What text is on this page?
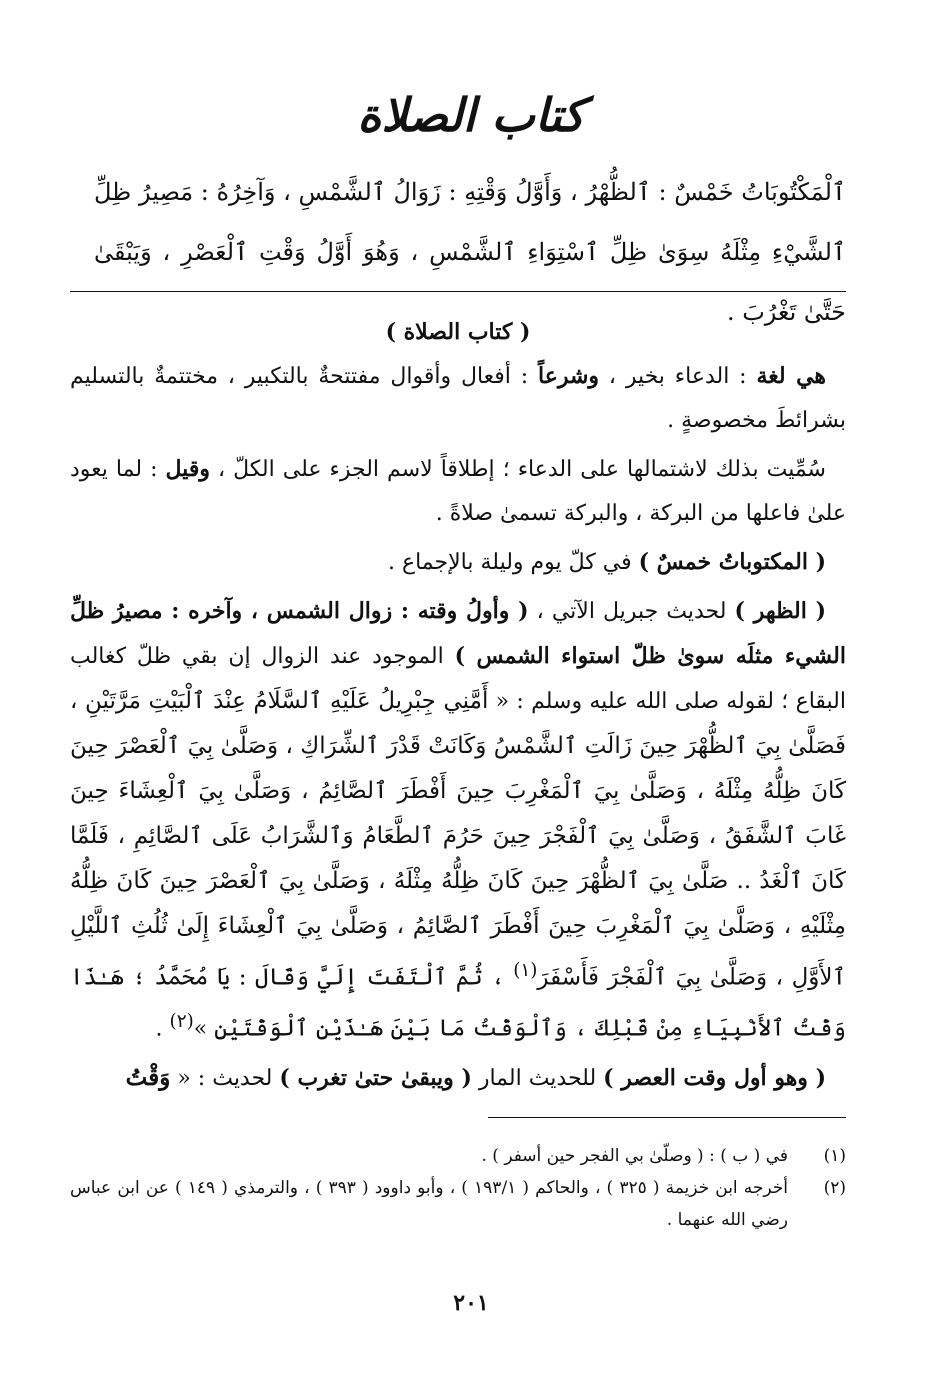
كتاب الصلاة
ٱلْمَكْتُوبَاتُ خَمْسٌ : ٱلظُّهْرُ ، وَأَوَّلُ وَقْتِهِ : زَوَالُ ٱلشَّمْسِ ، وَآخِرُهُ : مَصِيرُ ظِلِّ ٱلشَّيْءِ مِثْلَهُ سِوَىٰ ظِلِّ ٱسْتِوَاءِ ٱلشَّمْسِ ، وَهُوَ أَوَّلُ وَقْتِ ٱلْعَصْرِ ، وَيَبْقَىٰ حَتَّىٰ تَغْرُبَ .

( كتاب الصلاة )

هي لغة : الدعاء بخير ، وشرعاً : أفعال وأقوال مفتتحةٌ بالتكبير ، مختتمةٌ بالتسليم بشرائطَ مخصوصةٍ .

سُمِّيت بذلك لاشتمالها على الدعاء ؛ إطلاقاً لاسم الجزء على الكلّ ، وقيل : لما يعود علىٰ فاعلها من البركة ، والبركة تسمىٰ صلاةً .

( المكتوباتُ خمسٌ ) في كلّ يوم وليلة بالإجماع .

( الظهر ) لحديث جبريل الآتي ، ( وأولُ وقته : زوال الشمس ، وآخره : مصيرُ ظلِّ الشيء مثلَه سوىٰ ظلّ استواء الشمس ) الموجود عند الزوال إن بقي ظلّ كغالب البقاع ؛ لقوله صلى الله عليه وسلم : « أَمَّنِي جِبْرِيلُ عَلَيْهِ ٱلسَّلَامُ عِنْدَ ٱلْبَيْتِ مَرَّتَيْنِ ، فَصَلَّىٰ بِيَ ٱلظُّهْرَ حِينَ زَالَتِ ٱلشَّمْسُ وَكَانَتْ قَدْرَ ٱلشِّرَاكِ ، وَصَلَّىٰ بِيَ ٱلْعَصْرَ حِينَ كَانَ ظِلُّهُ مِثْلَهُ ، وَصَلَّىٰ بِيَ ٱلْمَغْرِبَ حِينَ أَفْطَرَ ٱلصَّائِمُ ، وَصَلَّىٰ بِيَ ٱلْعِشَاءَ حِينَ غَابَ ٱلشَّفَقُ ، وَصَلَّىٰ بِيَ ٱلْفَجْرَ حِينَ حَرُمَ ٱلطَّعَامُ وَٱلشَّرَابُ عَلَى ٱلصَّائِمِ ، فَلَمَّا كَانَ ٱلْغَدُ .. صَلَّىٰ بِيَ ٱلظُّهْرَ حِينَ كَانَ ظِلُّهُ مِثْلَهُ ، وَصَلَّىٰ بِيَ ٱلْعَصْرَ حِينَ كَانَ ظِلُّهُ مِثْلَيْهِ ، وَصَلَّىٰ بِيَ ٱلْمَغْرِبَ حِينَ أَفْطَرَ ٱلصَّائِمُ ، وَصَلَّىٰ بِيَ ٱلْعِشَاءَ إِلَىٰ ثُلُثِ ٱللَّيْلِ ٱلأَوَّلِ ، وَصَلَّىٰ بِيَ ٱلْفَجْرَ فَأَسْفَرَ$^{(١)}$ ، ثُمَّ ٱلْتَفَتَ إِلَيَّ وَقَالَ : يَا مُحَمَّدُ ؛ هَـٰذَا وَقْتُ ٱلأَنْبِيَاءِ مِنْ قَبْلِكَ ، وَٱلْوَقْتُ مَا بَيْنَ هَـٰذَيْنِ ٱلْوَقْتَيْنِ »$^{(٢)}$ .

( وهو أول وقت العصر ) للحديث المار ( ويبقىٰ حتىٰ تغرب ) لحديث : « وَقْتُ

(١)
في ( ب ) : ( وصلّىٰ بي الفجر حين أسفر ) .
(٢)
أخرجه ابن خزيمة ( ٣٢٥ ) ، والحاكم ( ١٩٣/١ ) ، وأبو داوود ( ٣٩٣ ) ، والترمذي ( ١٤٩ ) عن ابن عباس رضي الله عنهما .
٢٠١
